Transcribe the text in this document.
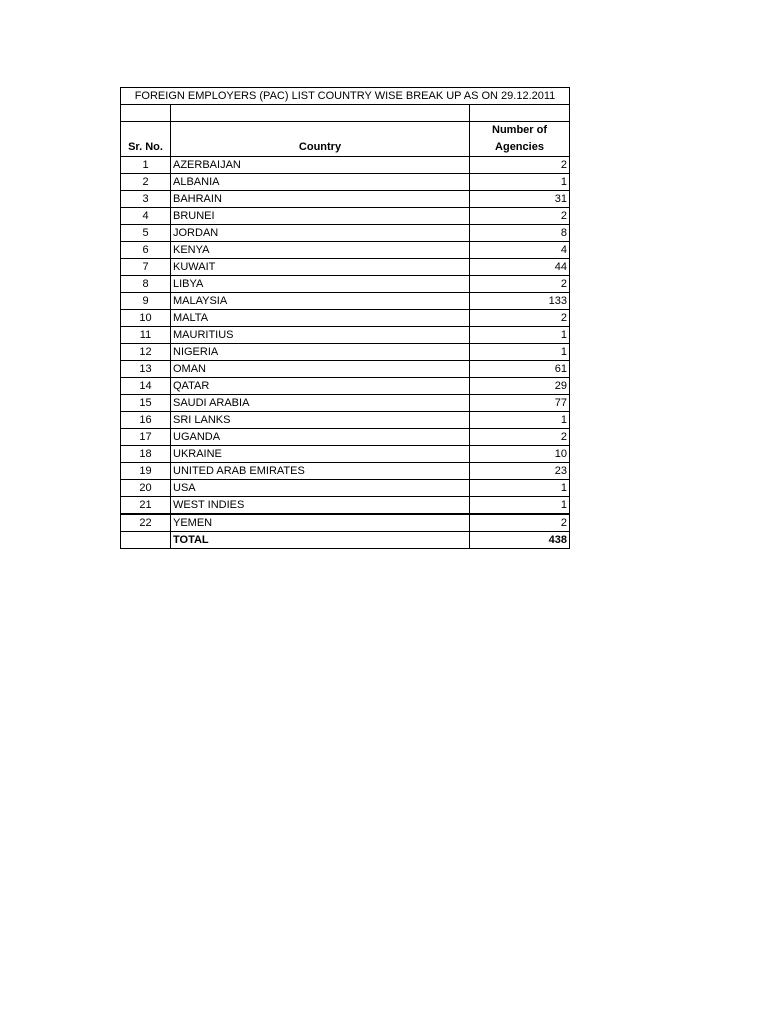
FOREIGN EMPLOYERS (PAC) LIST COUNTRY WISE BREAK UP AS ON 29.12.2011		

Sr. No.	Country	Number of
Agencies
1	AZERBAIJAN	2
2	ALBANIA	1
3	BAHRAIN	31
4	BRUNEI	2
5	JORDAN	8
6	KENYA	4
7	KUWAIT	44
8	LIBYA	2
9	MALAYSIA	133
10	MALTA	2
11	MAURITIUS	1
12	NIGERIA	1
13	OMAN	61
14	QATAR	29
15	SAUDI ARABIA	77
16	SRI LANKS	1
17	UGANDA	2
18	UKRAINE	10
19	UNITED ARAB EMIRATES	23
20	USA	1
21	WEST INDIES	1
22	YEMEN	2
	TOTAL	438
